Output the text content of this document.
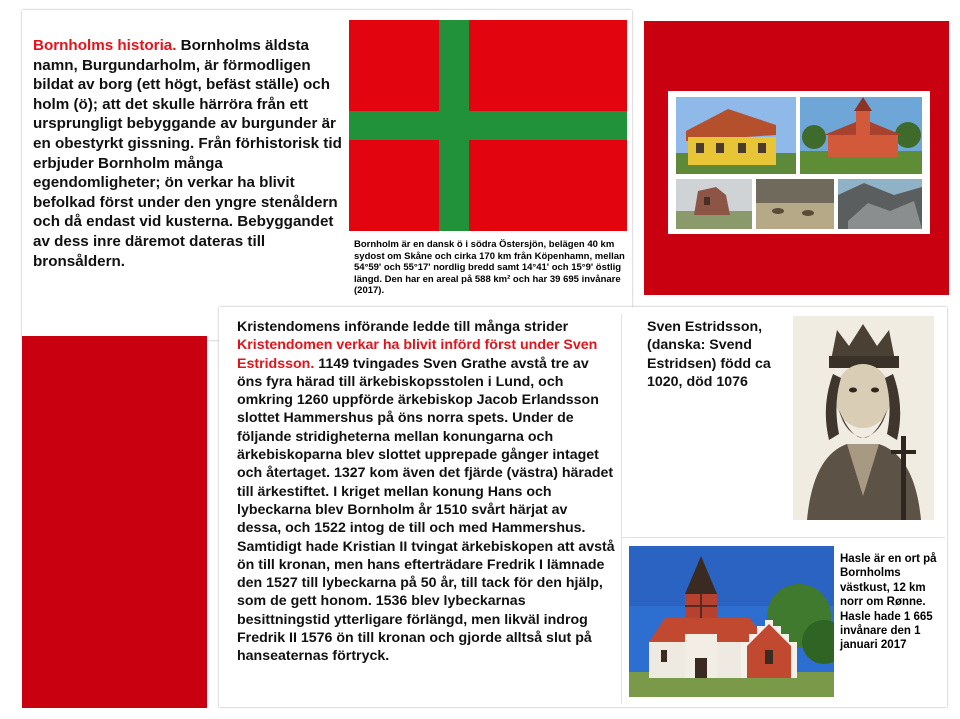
Bornholms historia. Bornholms äldsta namn, Burgundarholm, är förmodligen bildat av borg (ett högt, befäst ställe) och holm (ö); att det skulle härröra från ett ursprungligt bebyggande av burgunder är en obestyrkt gissning. Från förhistorisk tid erbjuder Bornholm många egendomligheter; ön verkar ha blivit befolkad först under den yngre stenåldern och då endast vid kusterna. Bebyggandet av dess inre däremot dateras till bronsåldern.

Bornholm är en dansk ö i södra Östersjön, belägen 40 km sydost om Skåne och cirka 170 km från Köpenhamn, mellan 54°59' och 55°17' nordlig bredd samt 14°41' och 15°9' östlig längd. Den har en areal på 588 km² och har 39 695 invånare (2017).

Kristendomens införande ledde till många strider

Kristendomen verkar ha blivit införd först under Sven Estridsson. 1149 tvingades Sven Grathe avstå tre av öns fyra härad till ärkebiskopsstolen i Lund, och omkring 1260 uppförde ärkebiskop Jacob Erlandsson slottet Hammershus på öns norra spets. Under de följande stridigheterna mellan konungarna och ärkebiskoparna blev slottet upprepade gånger intaget och återtaget. 1327 kom även det fjärde (västra) häradet till ärkestiftet. I kriget mellan konung Hans och lybeckarna blev Bornholm år 1510 svårt härjat av dessa, och 1522 intog de till och med Hammershus. Samtidigt hade Kristian II tvingat ärkebiskopen att avstå ön till kronan, men hans efterträdare Fredrik I lämnade den 1527 till lybeckarna på 50 år, till tack för den hjälp, som de gett honom. 1536 blev lybeckarnas besittningstid ytterligare förlängd, men likväl indrog Fredrik II 1576 ön till kronan och gjorde alltså slut på hanseaternas förtryck.

Sven Estridsson, (danska: Svend Estridsen) född ca 1020, död 1076

Hasle är en ort på Bornholms västkust, 12 km norr om Rønne. Hasle hade 1 665 invånare den 1 januari 2017
